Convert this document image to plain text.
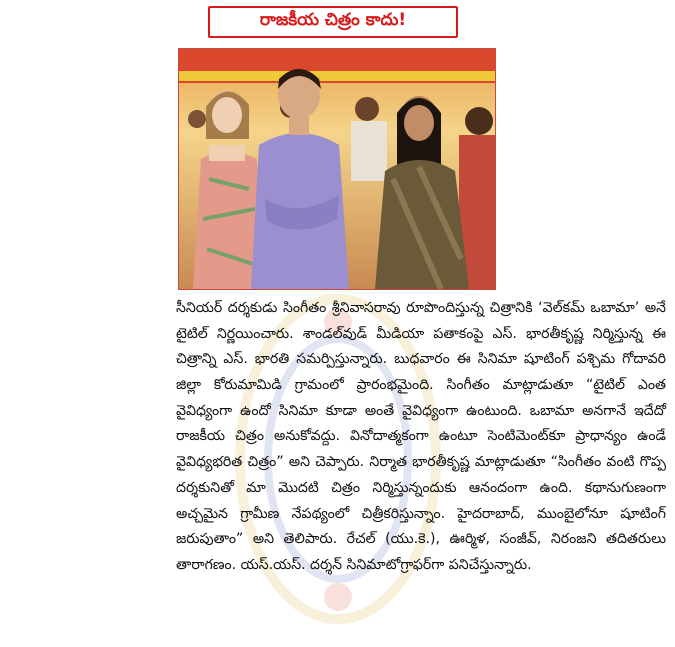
రాజకీయ చిత్రం కాదు!
సీనియర్ దర్శకుడు సింగీతం శ్రీనివాసరావు రూపొందిస్తున్న చిత్రానికి ‘వెల్‌కమ్ ఒబామా’ అనే
టైటిల్ నిర్ణయించారు. శాండల్‌వుడ్ మీడియా పతాకంపై ఎస్. భారతీకృష్ణ నిర్మిస్తున్న ఈ
చిత్రాన్ని ఎస్. భారతి సమర్పిస్తున్నారు. బుధవారం ఈ సినిమా షూటింగ్ పశ్చిమ గోదావరి
జిల్లా కోరుమామిడి గ్రామంలో ప్రారంభమైంది. సింగీతం మాట్లాడుతూ “టైటిల్ ఎంత
వైవిధ్యంగా ఉందో సినిమా కూడా అంతే వైవిధ్యంగా ఉంటుంది. ఒబామా అనగానే ఇదేదో
రాజకీయ చిత్రం అనుకోవద్దు. వినోదాత్మకంగా ఉంటూ సెంటిమెంట్‌కూ ప్రాధాన్యం ఉండే
వైవిధ్యభరిత చిత్రం” అని చెప్పారు. నిర్మాత భారతీకృష్ణ మాట్లాడుతూ “సింగీతం వంటి గొప్ప
దర్శకునితో మా మొదటి చిత్రం నిర్మిస్తున్నందుకు ఆనందంగా ఉంది. కథానుగుణంగా
అచ్చమైన గ్రామీణ నేపథ్యంలో చిత్రీకరిస్తున్నాం. హైదరాబాద్, ముంబైలోనూ షూటింగ్
జరుపుతాం” అని తెలిపారు. రేచల్ (యు.కె.), ఊర్మిళ, సంజీవ్, నిరంజని తదితరులు
తారాగణం. యస్.యస్. దర్శన్ సినిమాటోగ్రాఫర్‌గా పనిచేస్తున్నారు.
